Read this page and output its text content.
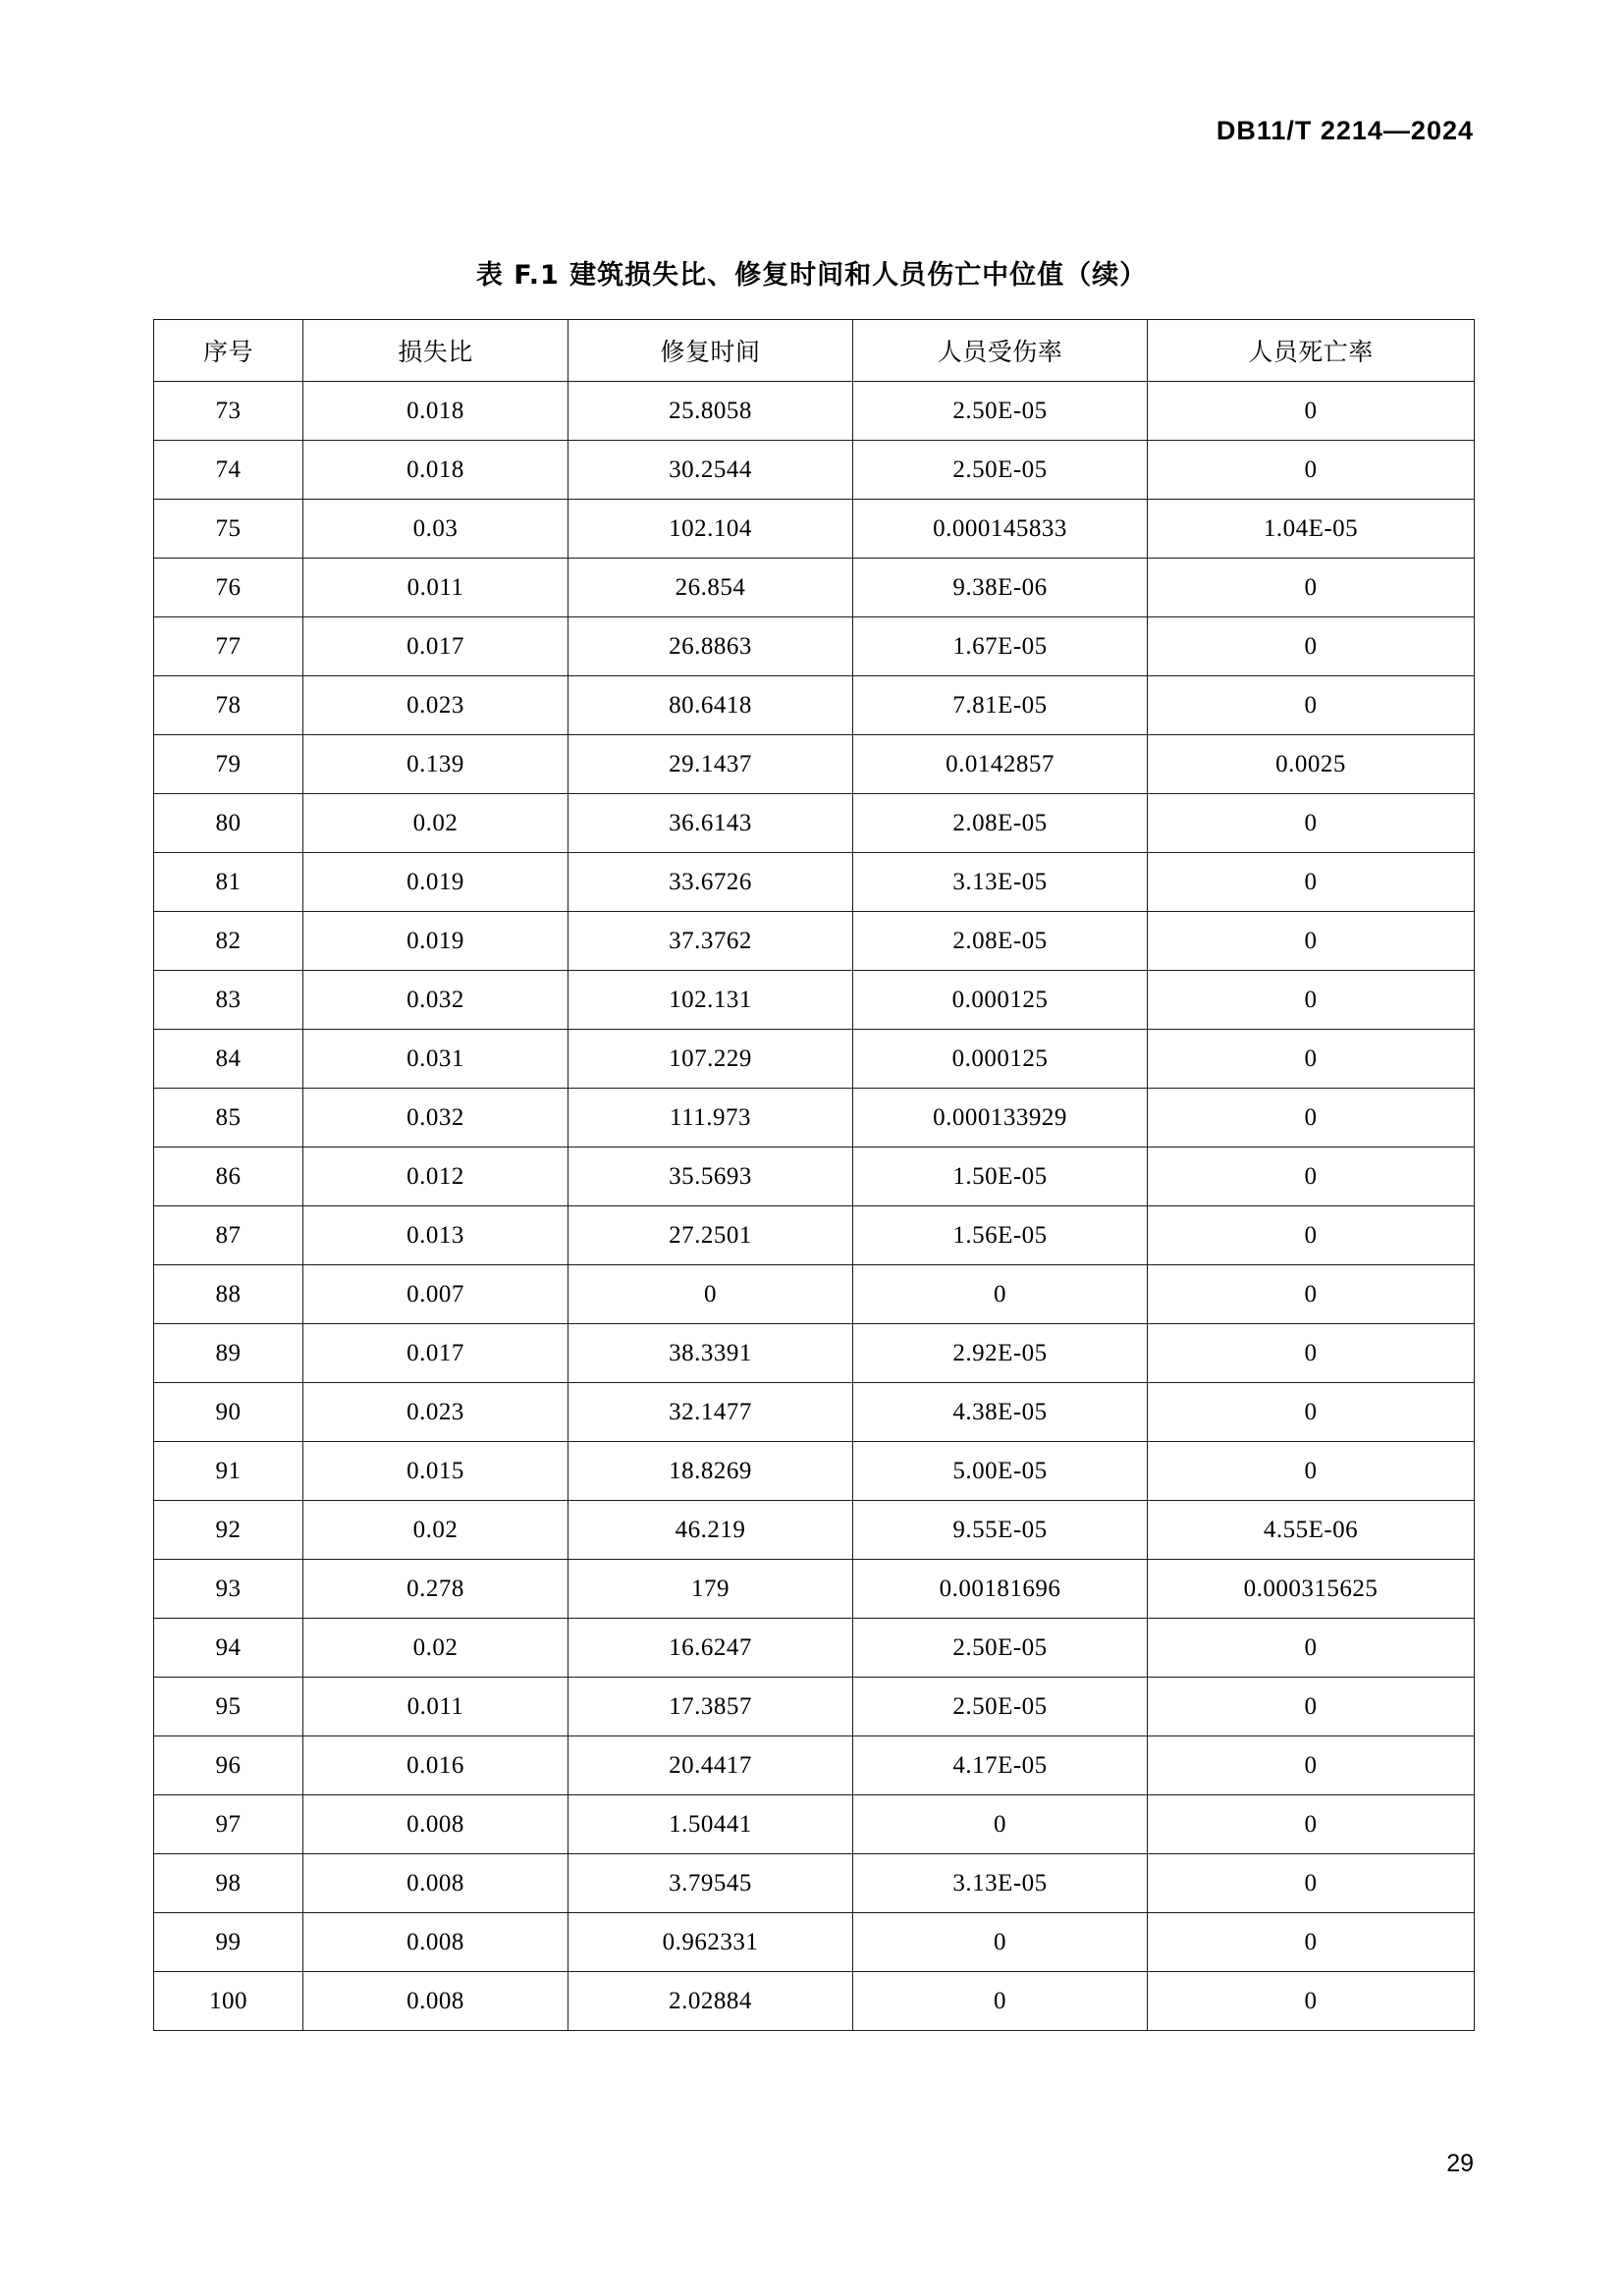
DB11/T 2214—2024
表 F.1 建筑损失比、修复时间和人员伤亡中位值（续）
序号	损失比	修复时间	人员受伤率	人员死亡率
73	0.018	25.8058	2.50E-05	0
74	0.018	30.2544	2.50E-05	0
75	0.03	102.104	0.000145833	1.04E-05
76	0.011	26.854	9.38E-06	0
77	0.017	26.8863	1.67E-05	0
78	0.023	80.6418	7.81E-05	0
79	0.139	29.1437	0.0142857	0.0025
80	0.02	36.6143	2.08E-05	0
81	0.019	33.6726	3.13E-05	0
82	0.019	37.3762	2.08E-05	0
83	0.032	102.131	0.000125	0
84	0.031	107.229	0.000125	0
85	0.032	111.973	0.000133929	0
86	0.012	35.5693	1.50E-05	0
87	0.013	27.2501	1.56E-05	0
88	0.007	0	0	0
89	0.017	38.3391	2.92E-05	0
90	0.023	32.1477	4.38E-05	0
91	0.015	18.8269	5.00E-05	0
92	0.02	46.219	9.55E-05	4.55E-06
93	0.278	179	0.00181696	0.000315625
94	0.02	16.6247	2.50E-05	0
95	0.011	17.3857	2.50E-05	0
96	0.016	20.4417	4.17E-05	0
97	0.008	1.50441	0	0
98	0.008	3.79545	3.13E-05	0
99	0.008	0.962331	0	0
100	0.008	2.02884	0	0
29
